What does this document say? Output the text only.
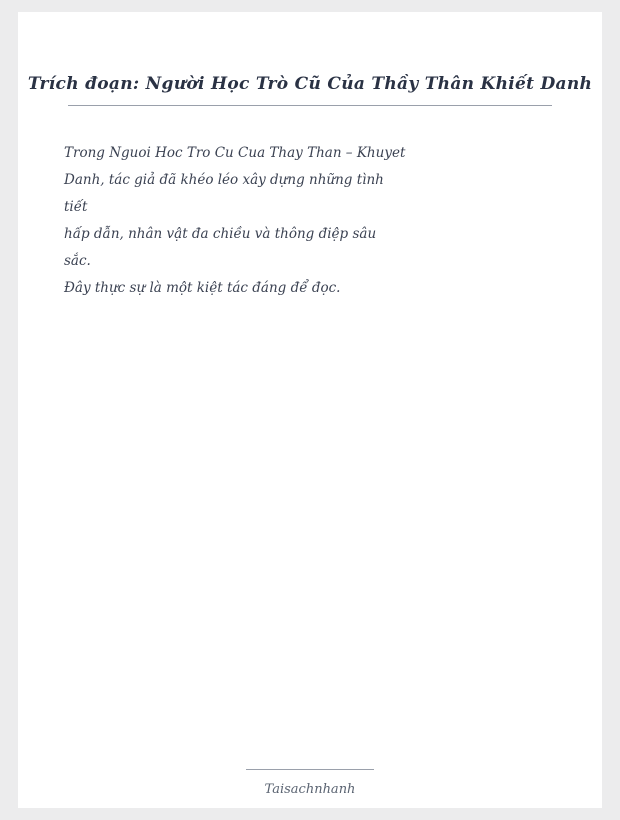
Trích đoạn: Người Học Trò Cũ Của Thầy Thân Khiết Danh
Trong Nguoi Hoc Tro Cu Cua Thay Than – Khuyet
Danh, tác giả đã khéo léo xây dựng những tình
tiết
hấp dẫn, nhân vật đa chiều và thông điệp sâu
sắc.
Đây thực sự là một kiệt tác đáng để đọc.
Taisachnhanh
